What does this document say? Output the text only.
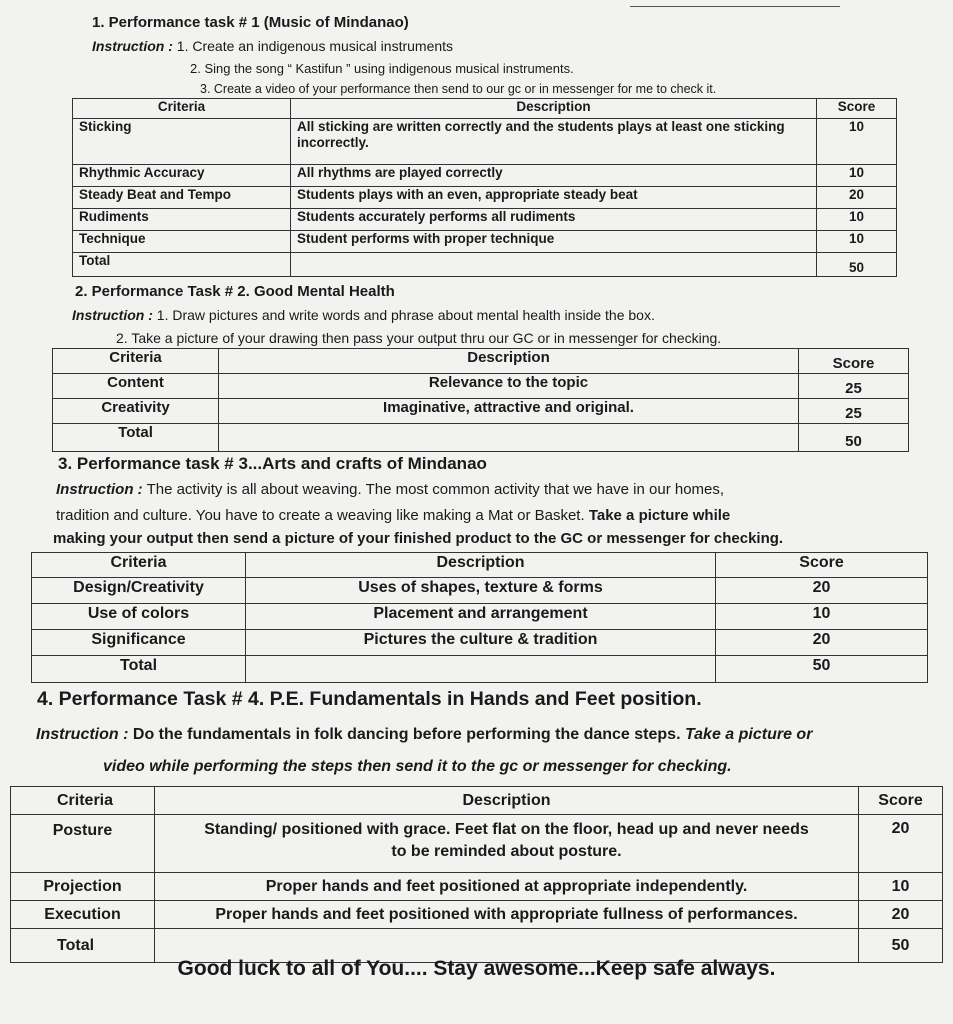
1. Performance task # 1 (Music of Mindanao)
Instruction : 1. Create an indigenous musical instruments
2. Sing the song “ Kastifun ” using indigenous musical instruments.
3. Create a video of your performance then send to our gc or in messenger for me to check it.
Criteria	Description	Score
Sticking	All sticking are written correctly and the students plays at least one sticking incorrectly.	10
Rhythmic Accuracy	All rhythms are played correctly	10
Steady Beat and Tempo	Students plays with an even, appropriate steady beat	20
Rudiments	Students accurately performs all rudiments	10
Technique	Student performs with proper technique	10
Total		50
2. Performance Task # 2. Good Mental Health
Instruction : 1. Draw pictures and write words and phrase about mental health inside the box.
2. Take a picture of your drawing then pass your output thru our GC or in messenger for checking.
Criteria	Description	Score
Content	Relevance to the topic	25
Creativity	Imaginative, attractive and original.	25
Total		50
3. Performance task # 3...Arts and crafts of Mindanao
Instruction : The activity is all about weaving. The most common activity that we have in our homes,
tradition and culture. You have to create a weaving like making a Mat or Basket. Take a picture while
making your output then send a picture of your finished product to the GC or messenger for checking.
Criteria	Description	Score
Design/Creativity	Uses of shapes, texture & forms	20
Use of colors	Placement and arrangement	10
Significance	Pictures the culture & tradition	20
Total		50
4. Performance Task # 4. P.E. Fundamentals in Hands and Feet position.
Instruction : Do the fundamentals in folk dancing before performing the dance steps. Take a picture or
video while performing the steps then send it to the gc or messenger for checking.
Criteria	Description	Score
Posture	Standing/ positioned with grace. Feet flat on the floor, head up and never needs to be reminded about posture.	20
Projection	Proper hands and feet positioned at appropriate independently.	10
Execution	Proper hands and feet positioned with appropriate fullness of performances.	20
Total		50
Good luck to all of You.... Stay awesome...Keep safe always.
